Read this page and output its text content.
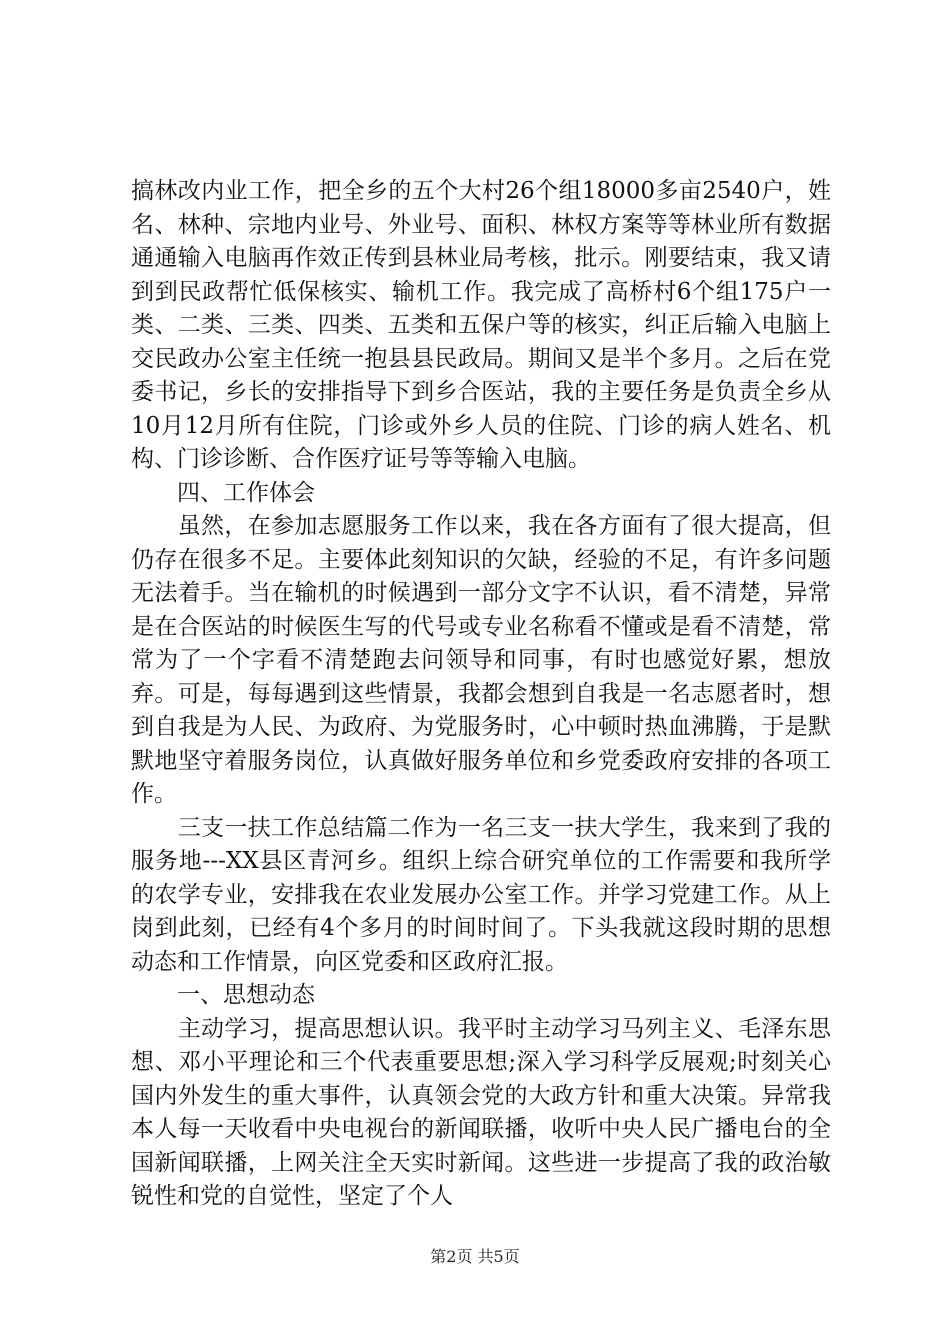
搞林改内业工作，把全乡的五个大村26个组18000多亩2540户，姓名、林种、宗地内业号、外业号、面积、林权方案等等林业所有数据通通输入电脑再作效正传到县林业局考核，批示。刚要结束，我又请到到民政帮忙低保核实、输机工作。我完成了高桥村6个组175户一类、二类、三类、四类、五类和五保户等的核实，纠正后输入电脑上交民政办公室主任统一抱县县民政局。期间又是半个多月。之后在党委书记，乡长的安排指导下到乡合医站，我的主要任务是负责全乡从10月12月所有住院，门诊或外乡人员的住院、门诊的病人姓名、机构、门诊诊断、合作医疗证号等等输入电脑。

　　四、工作体会

　　虽然，在参加志愿服务工作以来，我在各方面有了很大提高，但仍存在很多不足。主要体此刻知识的欠缺，经验的不足，有许多问题无法着手。当在输机的时候遇到一部分文字不认识，看不清楚，异常是在合医站的时候医生写的代号或专业名称看不懂或是看不清楚，常常为了一个字看不清楚跑去问领导和同事，有时也感觉好累，想放弃。可是，每每遇到这些情景，我都会想到自我是一名志愿者时，想到自我是为人民、为政府、为党服务时，心中顿时热血沸腾，于是默默地坚守着服务岗位，认真做好服务单位和乡党委政府安排的各项工作。

　　三支一扶工作总结篇二作为一名三支一扶大学生，我来到了我的服务地---XX县区青河乡。组织上综合研究单位的工作需要和我所学的农学专业，安排我在农业发展办公室工作。并学习党建工作。从上岗到此刻，已经有4个多月的时间时间了。下头我就这段时期的思想动态和工作情景，向区党委和区政府汇报。

　　一、思想动态

　　主动学习，提高思想认识。我平时主动学习马列主义、毛泽东思想、邓小平理论和三个代表重要思想;深入学习科学反展观;时刻关心国内外发生的重大事件，认真领会党的大政方针和重大决策。异常我本人每一天收看中央电视台的新闻联播，收听中央人民广播电台的全国新闻联播，上网关注全天实时新闻。这些进一步提高了我的政治敏锐性和党的自觉性，坚定了个人

第2页 共5页
